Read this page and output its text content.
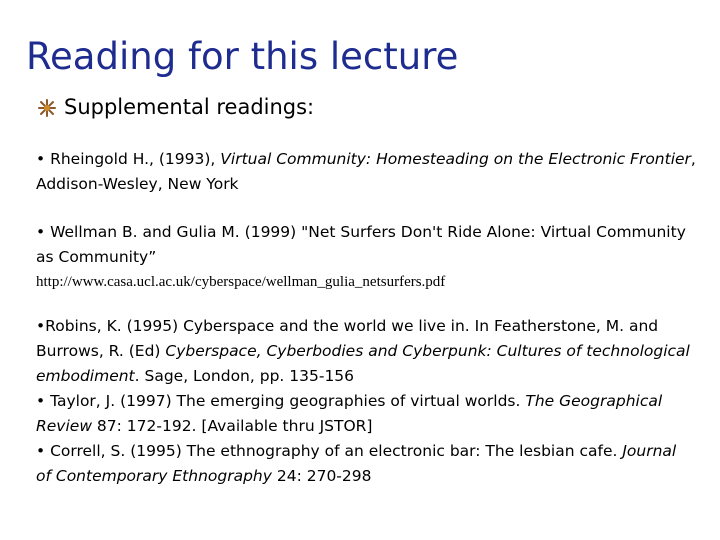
Reading for this lecture
Supplemental readings:

• Rheingold H., (1993), Virtual Community: Homesteading on the Electronic Frontier, Addison-Wesley, New York

• Wellman B. and Gulia M. (1999) "Net Surfers Don't Ride Alone: Virtual Community as Community”
http://www.casa.ucl.ac.uk/cyberspace/wellman_gulia_netsurfers.pdf
•Robins, K. (1995) Cyberspace and the world we live in. In Featherstone, M. and Burrows, R. (Ed) Cyberspace, Cyberbodies and Cyberpunk: Cultures of technological embodiment. Sage, London, pp. 135-156
• Taylor, J. (1997) The emerging geographies of virtual worlds. The Geographical Review 87: 172-192. [Available thru JSTOR]
• Correll, S. (1995) The ethnography of an electronic bar: The lesbian cafe. Journal of Contemporary Ethnography 24: 270-298
